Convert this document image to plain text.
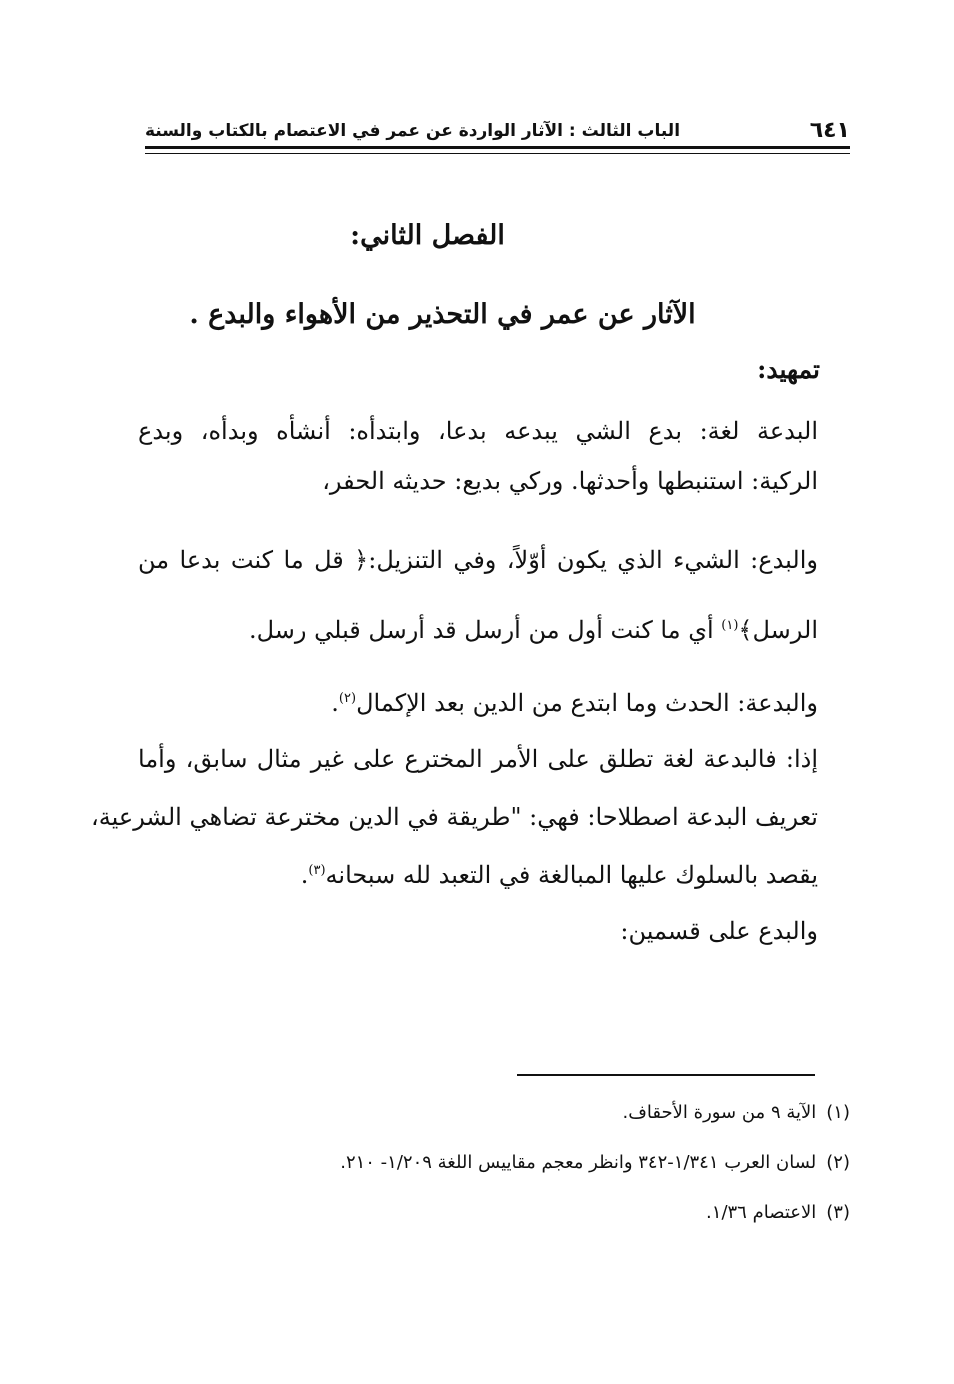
٦٤١
الباب الثالث : الآثار الواردة عن عمر في الاعتصام بالكتاب والسنة
الفصل الثاني:
الآثار عن عمر في التحذير من الأهواء والبدع .
تمهيد:
البدعة لغة: بدع الشي يبدعه بدعا، وابتدأه: أنشأه وبدأه، وبدع
الركية: استنبطها وأحدثها. وركي بديع: حديثه الحفر،
والبدع: الشيء الذي يكون أوّلاً، وفي التنزيل:﴿ قل ما كنت بدعا من
الرسل﴾$^{(١)}$ أي ما كنت أول من أرسل قد أرسل قبلي رسل.
والبدعة: الحدث وما ابتدع من الدين بعد الإكمال$^{(٢)}$.
إذا: فالبدعة لغة تطلق على الأمر المخترع على غير مثال سابق، وأما
تعريف البدعة اصطلاحا: فهي: "طريقة في الدين مخترعة تضاهي الشرعية،
يقصد بالسلوك عليها المبالغة في التعبد لله سبحانه$^{(٣)}$.
والبدع على قسمين:
(١)الآية ٩ من سورة الأحقاف.
(٢)لسان العرب ١/٣٤١-٣٤٢ وانظر معجم مقاييس اللغة ١/٢٠٩- ٢١٠.
(٣)الاعتصام ١/٣٦.
